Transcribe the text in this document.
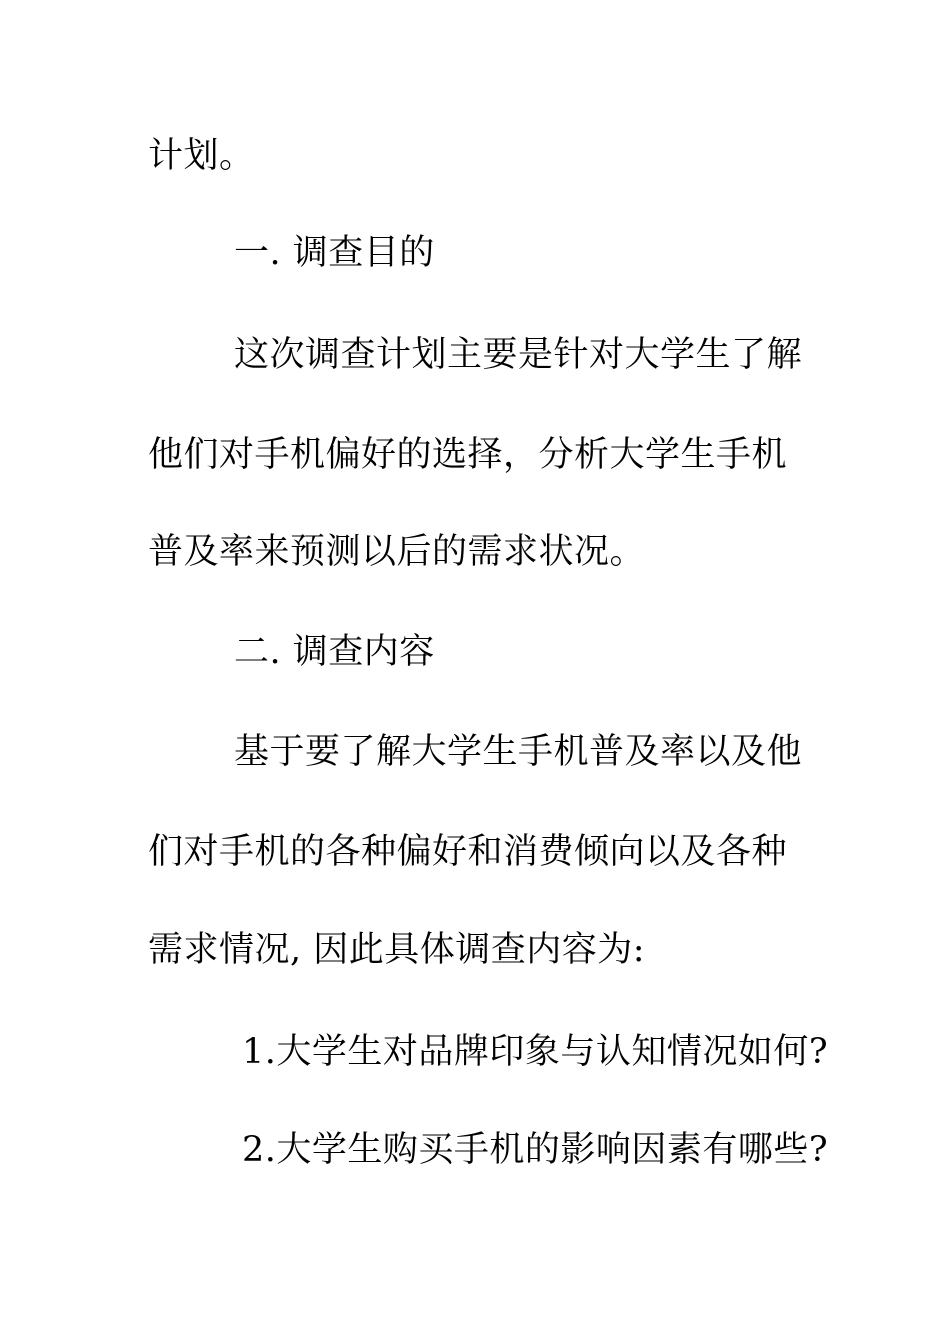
计划。
一. 调查目的
这次调查计划主要是针对大学生了解
他们对手机偏好的选择，分析大学生手机
普及率来预测以后的需求状况。
二. 调查内容
基于要了解大学生手机普及率以及他
们对手机的各种偏好和消费倾向以及各种
需求情况, 因此具体调查内容为:
1.大学生对品牌印象与认知情况如何?
2.大学生购买手机的影响因素有哪些?
